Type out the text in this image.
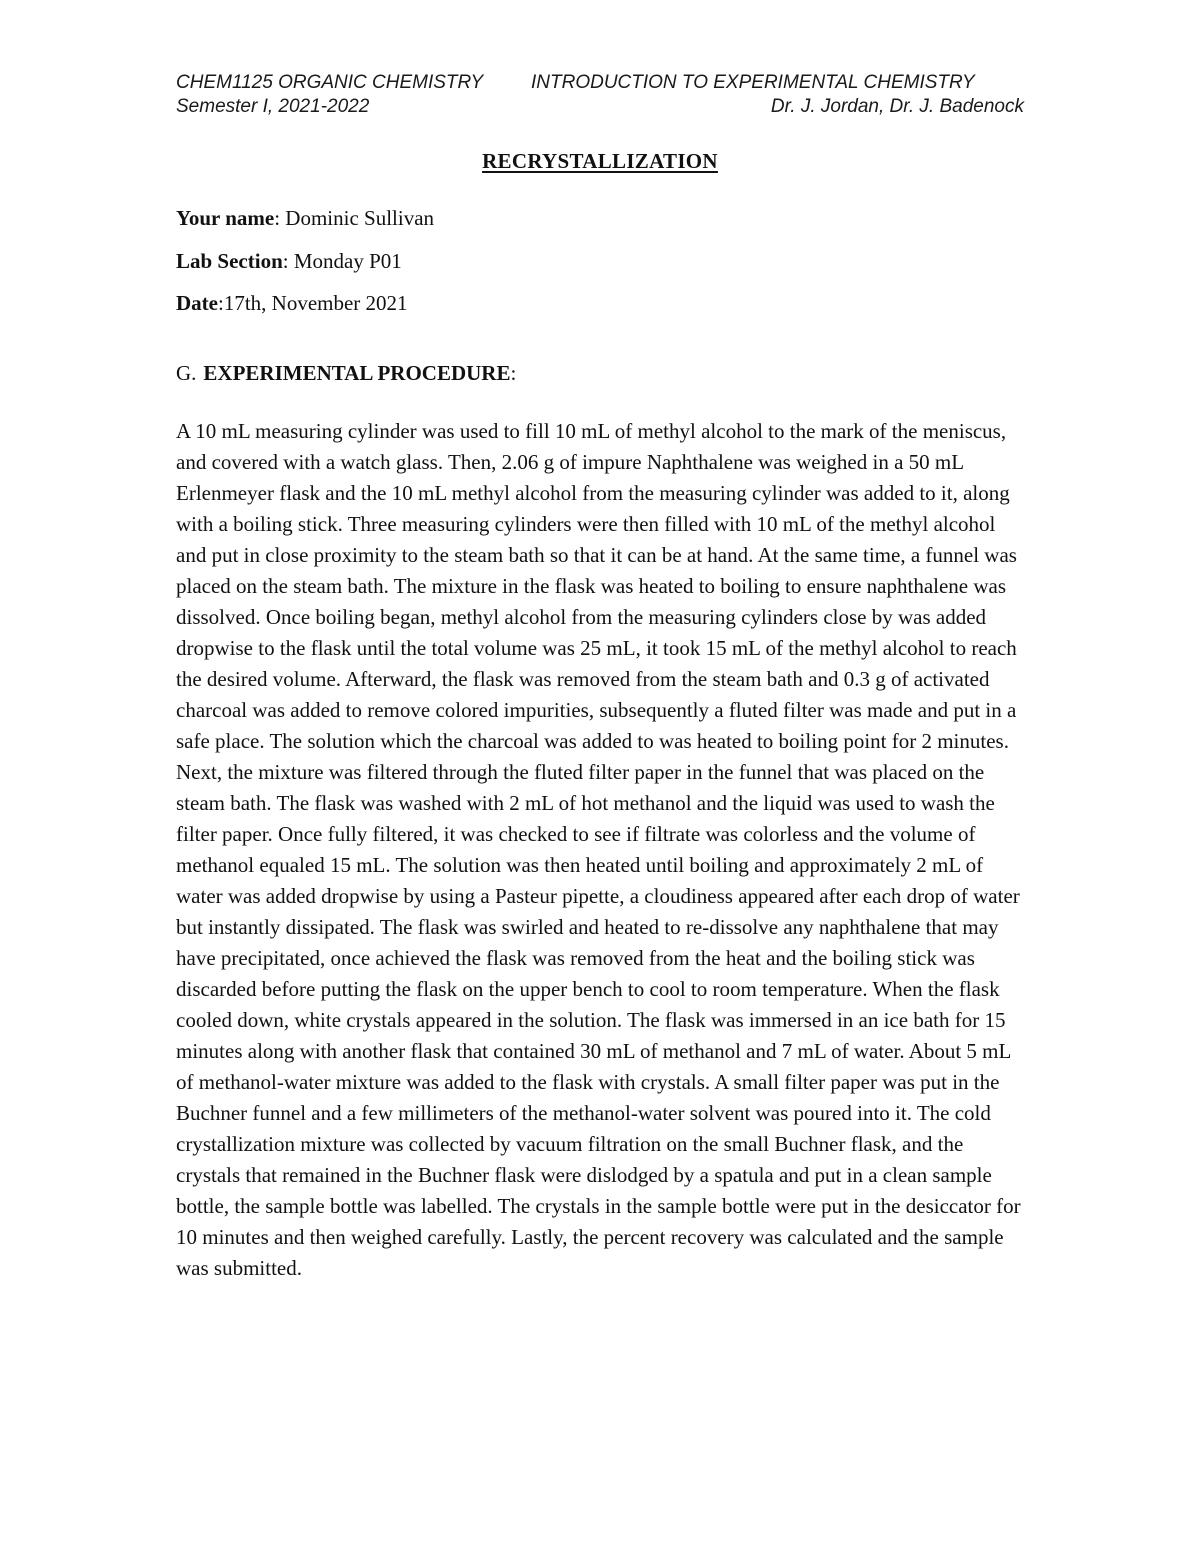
CHEM1125 ORGANIC CHEMISTRY	INTRODUCTION TO EXPERIMENTAL CHEMISTRY
Semester I, 2021-2022	Dr. J. Jordan, Dr. J. Badenock
RECRYSTALLIZATION
Your name: Dominic Sullivan
Lab Section: Monday P01
Date:17th, November 2021
G. EXPERIMENTAL PROCEDURE:

A 10 mL measuring cylinder was used to fill 10 mL of methyl alcohol to the mark of the meniscus, and covered with a watch glass. Then, 2.06 g of impure Naphthalene was weighed in a 50 mL Erlenmeyer flask and the 10 mL methyl alcohol from the measuring cylinder was added to it, along with a boiling stick. Three measuring cylinders were then filled with 10 mL of the methyl alcohol and put in close proximity to the steam bath so that it can be at hand. At the same time, a funnel was placed on the steam bath. The mixture in the flask was heated to boiling to ensure naphthalene was dissolved. Once boiling began, methyl alcohol from the measuring cylinders close by was added dropwise to the flask until the total volume was 25 mL, it took 15 mL of the methyl alcohol to reach the desired volume. Afterward, the flask was removed from the steam bath and 0.3 g of activated charcoal was added to remove colored impurities, subsequently a fluted filter was made and put in a safe place. The solution which the charcoal was added to was heated to boiling point for 2 minutes. Next, the mixture was filtered through the fluted filter paper in the funnel that was placed on the steam bath. The flask was washed with 2 mL of hot methanol and the liquid was used to wash the filter paper. Once fully filtered, it was checked to see if filtrate was colorless and the volume of methanol equaled 15 mL. The solution was then heated until boiling and approximately 2 mL of water was added dropwise by using a Pasteur pipette, a cloudiness appeared after each drop of water but instantly dissipated. The flask was swirled and heated to re-dissolve any naphthalene that may have precipitated, once achieved the flask was removed from the heat and the boiling stick was discarded before putting the flask on the upper bench to cool to room temperature. When the flask cooled down, white crystals appeared in the solution. The flask was immersed in an ice bath for 15 minutes along with another flask that contained 30 mL of methanol and 7 mL of water. About 5 mL of methanol-water mixture was added to the flask with crystals. A small filter paper was put in the Buchner funnel and a few millimeters of the methanol-water solvent was poured into it. The cold crystallization mixture was collected by vacuum filtration on the small Buchner flask, and the crystals that remained in the Buchner flask were dislodged by a spatula and put in a clean sample bottle, the sample bottle was labelled. The crystals in the sample bottle were put in the desiccator for 10 minutes and then weighed carefully. Lastly, the percent recovery was calculated and the sample was submitted.
